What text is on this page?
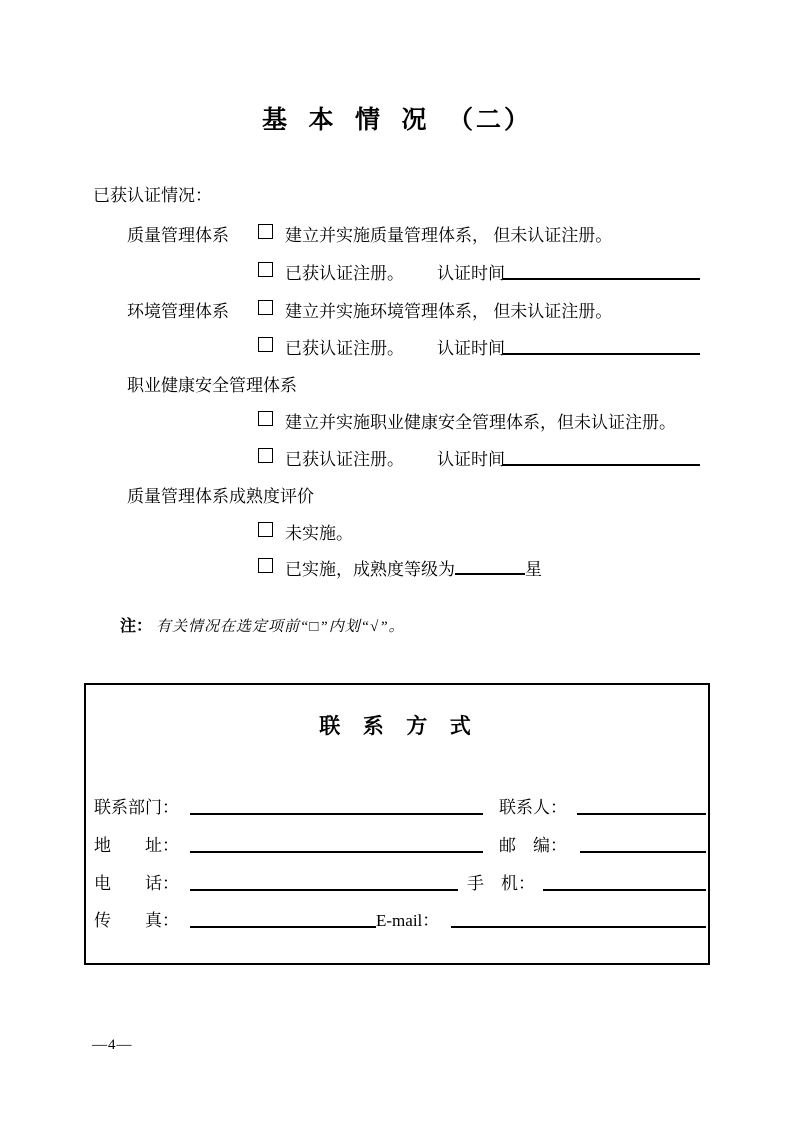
基  本  情  况  （二）
已获认证情况：
质量管理体系	建立并实施质量管理体系， 但未认证注册。
已获认证注册。 认证时间
环境管理体系	建立并实施环境管理体系， 但未认证注册。
已获认证注册。 认证时间
职业健康安全管理体系
建立并实施职业健康安全管理体系，但未认证注册。
已获认证注册。 认证时间
质量管理体系成熟度评价
未实施。
已实施，成熟度等级为	星
注： 有关情况在选定项前“□”内划“√”。
联  系  方  式
联系部门：	联系人：
地　　址：	邮　编：
电　　话：	手　机：
传　　真：	E-mail：
—4—
